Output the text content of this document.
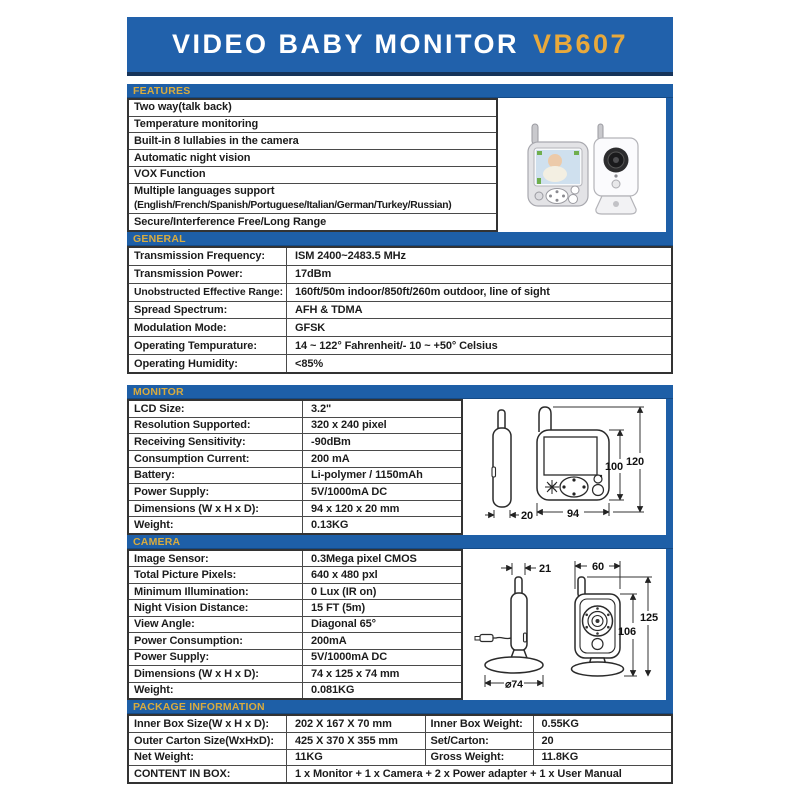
VIDEO BABY MONITOR VB607
FEATURES
Two way(talk back)
Temperature monitoring
Built-in 8 lullabies in the camera
Automatic night vision
VOX Function
Multiple languages support
(English/French/Spanish/Portuguese/Italian/German/Turkey/Russian)
Secure/Interference Free/Long Range
GENERAL
Transmission Frequency:	ISM 2400~2483.5 MHz
Transmission Power:	17dBm
Unobstructed Effective Range:	160ft/50m indoor/850ft/260m outdoor, line of sight
Spread Spectrum:	AFH & TDMA
Modulation Mode:	GFSK
Operating Tempurature:	14 ~ 122° Fahrenheit/- 10 ~ +50° Celsius
Operating Humidity:	<85%
MONITOR
LCD Size:	3.2"
Resolution Supported:	320 x 240 pixel
Receiving Sensitivity:	-90dBm
Consumption Current:	200 mA
Battery:	Li-polymer / 1150mAh
Power Supply:	5V/1000mA DC
Dimensions (W x H x D):	94 x 120 x 20 mm
Weight:	0.13KG
20	94
100 120
CAMERA
Image Sensor:	0.3Mega pixel CMOS
Total Picture Pixels:	640 x 480 pxl
Minimum Illumination:	0 Lux (IR on)
Night Vision Distance:	15 FT (5m)
View Angle:	Diagonal 65°
Power Consumption:	200mA
Power Supply:	5V/1000mA DC
Dimensions (W x H x D):	74 x 125 x 74 mm
Weight:	0.081KG
21
⌀74
60
106
125
PACKAGE INFORMATION
Inner Box Size(W x H x D):	202 X 167 X 70 mm	Inner Box Weight:	0.55KG
Outer Carton Size(WxHxD):	425 X 370 X 355 mm	Set/Carton:	20
Net Weight:	11KG	Gross Weight:	11.8KG
CONTENT IN BOX:	1 x Monitor + 1 x Camera + 2 x Power adapter + 1 x User Manual
